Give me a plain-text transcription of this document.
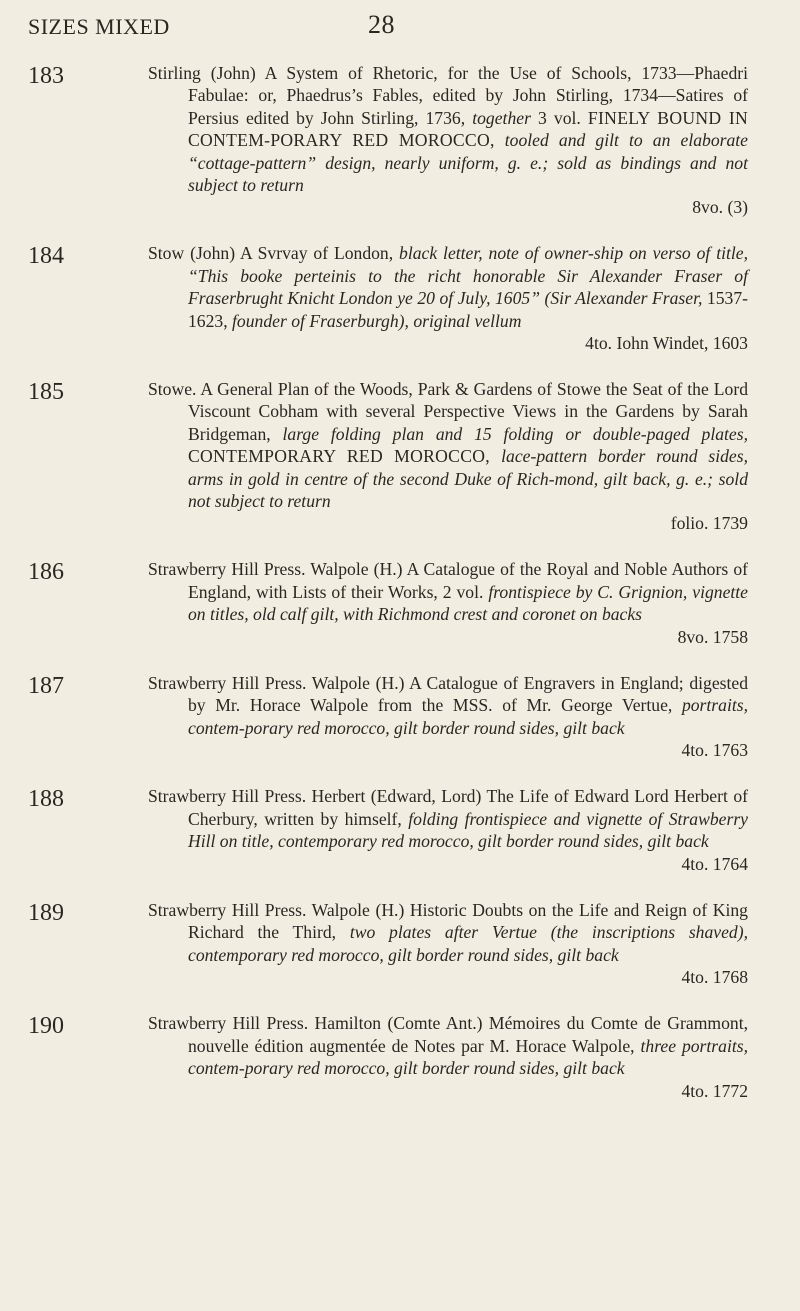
SIZES MIXED	28
183	Stirling (John) A System of Rhetoric, for the Use of Schools, 1733—Phaedri Fabulae: or, Phaedrus’s Fables, edited by John Stirling, 1734—Satires of Persius edited by John Stirling, 1736, together 3 vol. FINELY BOUND IN CONTEM-PORARY RED MOROCCO, tooled and gilt to an elaborate “cottage-pattern” design, nearly uniform, g. e.; sold as bindings and not subject to return

8vo. (3)
184	Stow (John) A Svrvay of London, black letter, note of owner-ship on verso of title, “This booke perteinis to the richt honorable Sir Alexander Fraser of Fraserbrught Knicht London ye 20 of July, 1605” (Sir Alexander Fraser, 1537-1623, founder of Fraserburgh), original vellum

4to. Iohn Windet, 1603
185	Stowe. A General Plan of the Woods, Park & Gardens of Stowe the Seat of the Lord Viscount Cobham with several Perspective Views in the Gardens by Sarah Bridgeman, large folding plan and 15 folding or double-paged plates, CONTEMPORARY RED MOROCCO, lace-pattern border round sides, arms in gold in centre of the second Duke of Rich-mond, gilt back, g. e.; sold not subject to return

folio. 1739
186	Strawberry Hill Press. Walpole (H.) A Catalogue of the Royal and Noble Authors of England, with Lists of their Works, 2 vol. frontispiece by C. Grignion, vignette on titles, old calf gilt, with Richmond crest and coronet on backs

8vo. 1758
187	Strawberry Hill Press. Walpole (H.) A Catalogue of Engravers in England; digested by Mr. Horace Walpole from the MSS. of Mr. George Vertue, portraits, contem-porary red morocco, gilt border round sides, gilt back

4to. 1763
188	Strawberry Hill Press. Herbert (Edward, Lord) The Life of Edward Lord Herbert of Cherbury, written by himself, folding frontispiece and vignette of Strawberry Hill on title, contemporary red morocco, gilt border round sides, gilt back

4to. 1764
189	Strawberry Hill Press. Walpole (H.) Historic Doubts on the Life and Reign of King Richard the Third, two plates after Vertue (the inscriptions shaved), contemporary red morocco, gilt border round sides, gilt back

4to. 1768
190	Strawberry Hill Press. Hamilton (Comte Ant.) Mémoires du Comte de Grammont, nouvelle édition augmentée de Notes par M. Horace Walpole, three portraits, contem-porary red morocco, gilt border round sides, gilt back

4to. 1772
